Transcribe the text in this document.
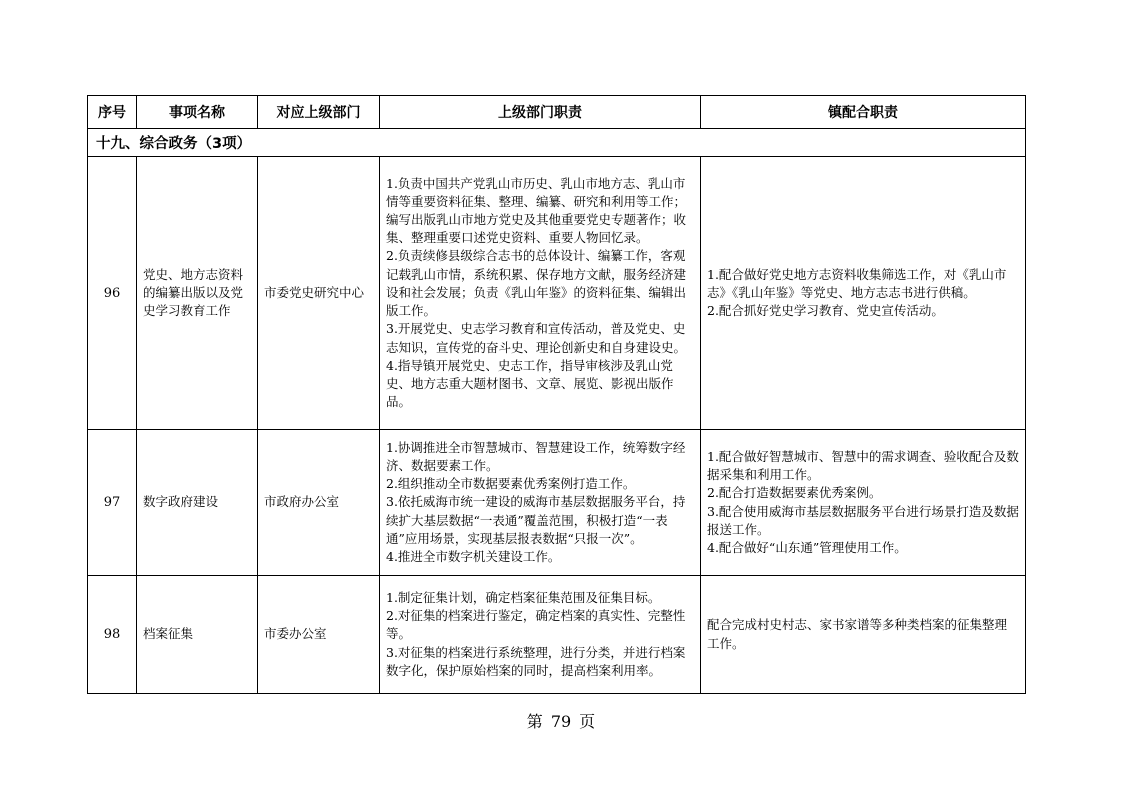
序号	事项名称	对应上级部门	上级部门职责	镇配合职责
十九、综合政务（3项）				
96	党史、地方志资料的编纂出版以及党史学习教育工作	市委党史研究中心	1.负责中国共产党乳山市历史、乳山市地方志、乳山市情等重要资料征集、整理、编纂、研究和利用等工作；编写出版乳山市地方党史及其他重要党史专题著作；收集、整理重要口述党史资料、重要人物回忆录。
2.负责续修县级综合志书的总体设计、编纂工作，客观记载乳山市情，系统积累、保存地方文献，服务经济建设和社会发展；负责《乳山年鉴》的资料征集、编辑出版工作。
3.开展党史、史志学习教育和宣传活动，普及党史、史志知识，宣传党的奋斗史、理论创新史和自身建设史。
4.指导镇开展党史、史志工作，指导审核涉及乳山党史、地方志重大题材图书、文章、展览、影视出版作品。	1.配合做好党史地方志资料收集筛选工作，对《乳山市志》《乳山年鉴》等党史、地方志志书进行供稿。
2.配合抓好党史学习教育、党史宣传活动。

97	数字政府建设	市政府办公室	1.协调推进全市智慧城市、智慧建设工作，统筹数字经济、数据要素工作。
2.组织推动全市数据要素优秀案例打造工作。
3.依托威海市统一建设的威海市基层数据服务平台，持续扩大基层数据“一表通”覆盖范围，积极打造“一表通”应用场景，实现基层报表数据“只报一次”。
4.推进全市数字机关建设工作。	1.配合做好智慧城市、智慧中的需求调查、验收配合及数据采集和利用工作。
2.配合打造数据要素优秀案例。
3.配合使用威海市基层数据服务平台进行场景打造及数据报送工作。
4.配合做好“山东通”管理使用工作。

98	档案征集	市委办公室	1.制定征集计划，确定档案征集范围及征集目标。
2.对征集的档案进行鉴定，确定档案的真实性、完整性等。
3.对征集的档案进行系统整理，进行分类，并进行档案数字化，保护原始档案的同时，提高档案利用率。	配合完成村史村志、家书家谱等多种类档案的征集整理工作。
第 79 页
